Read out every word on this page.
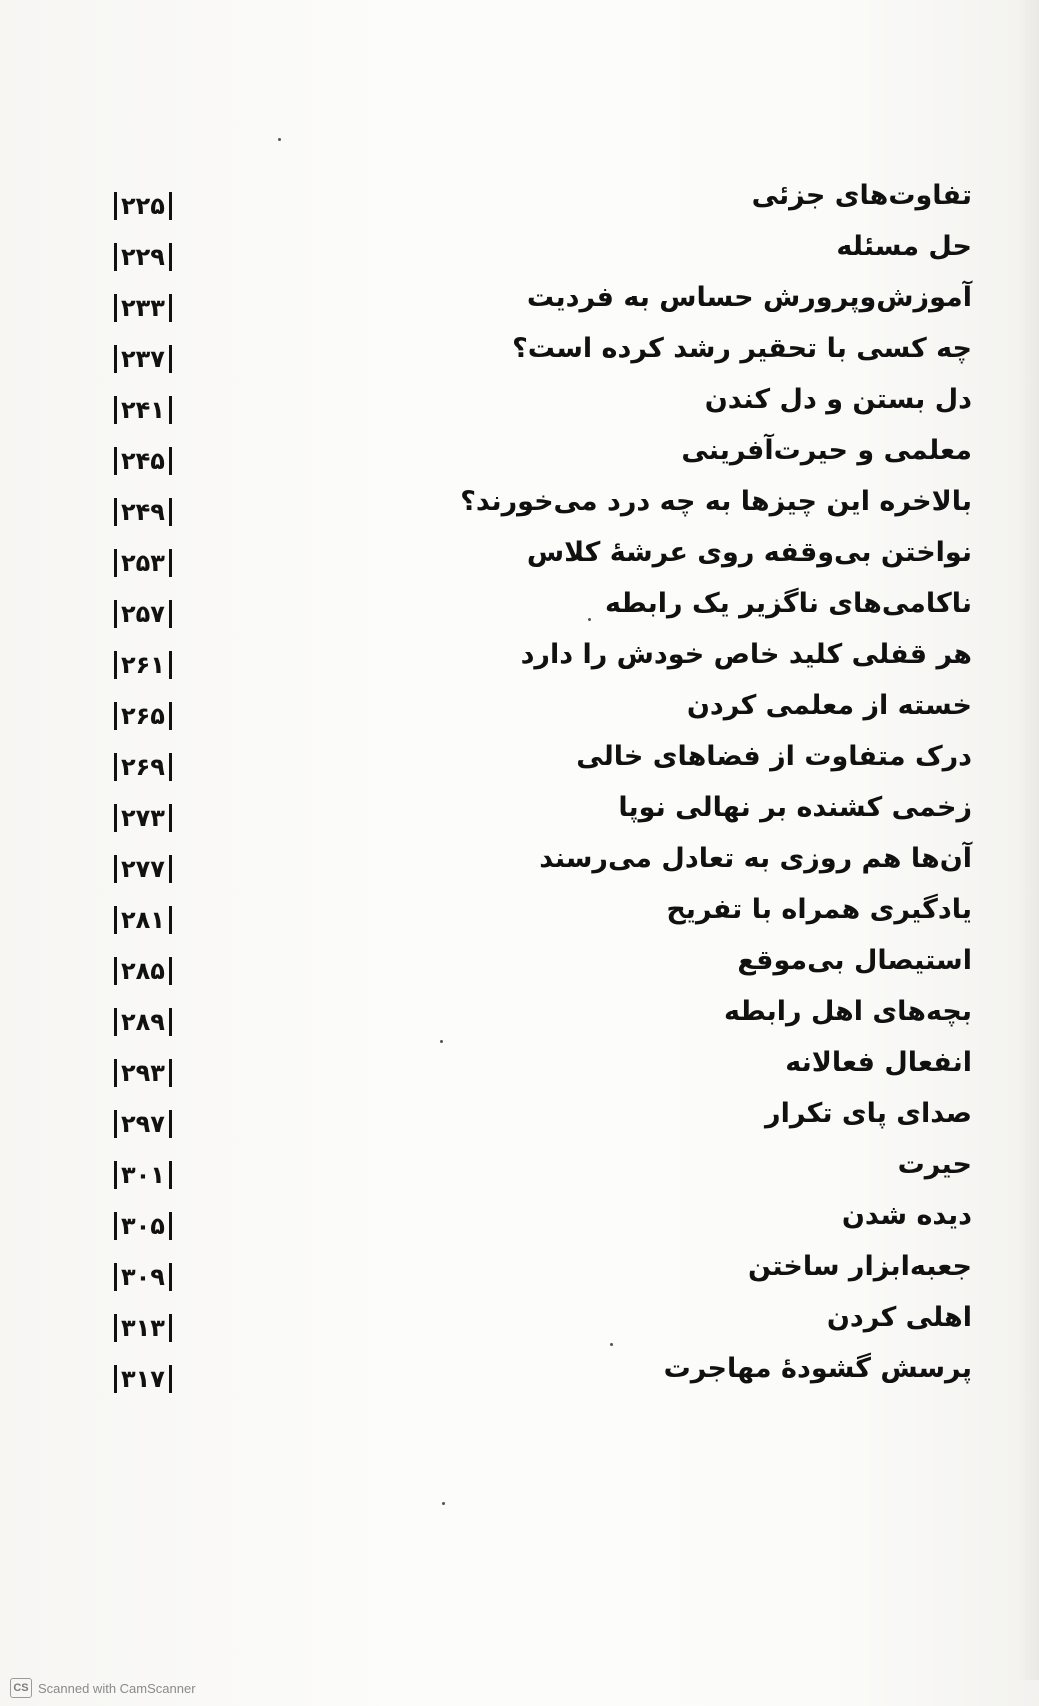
تفاوت‌های جزئی
۲۲۵
حل مسئله
۲۲۹
آموزش‌وپرورش حساس به فردیت
۲۳۳
چه کسی با تحقیر رشد کرده است؟
۲۳۷
دل بستن و دل کندن
۲۴۱
معلمی و حیرت‌آفرینی
۲۴۵
بالاخره این چیزها به چه درد می‌خورند؟
۲۴۹
نواختن بی‌وقفه روی عرشهٔ کلاس
۲۵۳
ناکامی‌های ناگزیر یک رابطه
۲۵۷
هر قفلی کلید خاص خودش را دارد
۲۶۱
خسته از معلمی کردن
۲۶۵
درک متفاوت از فضاهای خالی
۲۶۹
زخمی کشنده بر نهالی نوپا
۲۷۳
آن‌ها هم روزی به تعادل می‌رسند
۲۷۷
یادگیری همراه با تفریح
۲۸۱
استیصال بی‌موقع
۲۸۵
بچه‌های اهل رابطه
۲۸۹
انفعال فعالانه
۲۹۳
صدای پای تکرار
۲۹۷
حیرت
۳۰۱
دیده شدن
۳۰۵
جعبه‌ابزار ساختن
۳۰۹
اهلی کردن
۳۱۳
پرسش گشودهٔ مهاجرت
۳۱۷
CS Scanned with CamScanner
